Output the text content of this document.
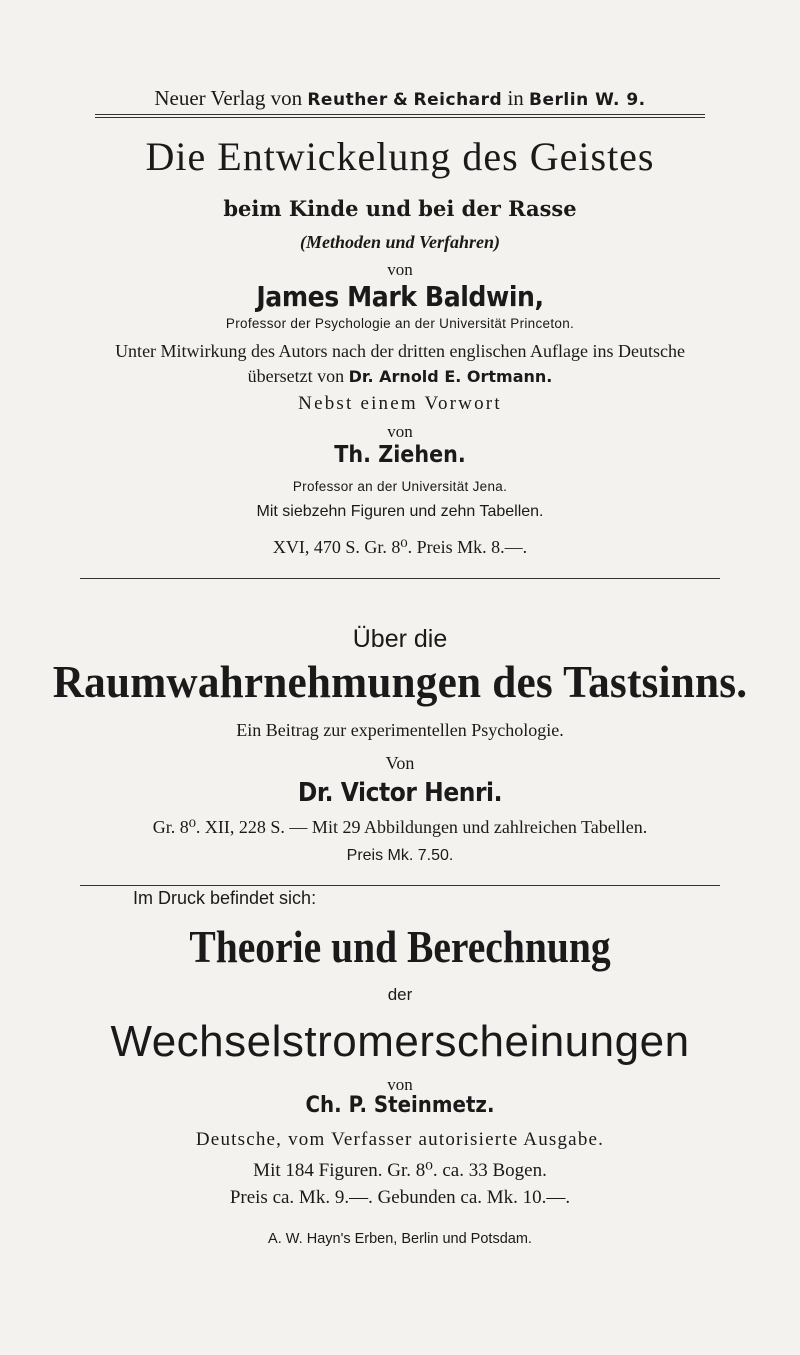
Neuer Verlag von Reuther & Reichard in Berlin W. 9.
Die Entwickelung des Geistes
beim Kinde und bei der Rasse
(Methoden und Verfahren)
von
James Mark Baldwin,
Professor der Psychologie an der Universität Princeton.
Unter Mitwirkung des Autors nach der dritten englischen Auflage ins Deutsche
übersetzt von Dr. Arnold E. Ortmann.
Nebst einem Vorwort
von
Th. Ziehen.
Professor an der Universität Jena.
Mit siebzehn Figuren und zehn Tabellen.
XVI, 470 S. Gr. 8⁰. Preis Mk. 8.—.
Über die
Raumwahrnehmungen des Tastsinns.
Ein Beitrag zur experimentellen Psychologie.
Von
Dr. Victor Henri.
Gr. 8⁰. XII, 228 S. — Mit 29 Abbildungen und zahlreichen Tabellen.
Preis Mk. 7.50.
Im Druck befindet sich:
Theorie und Berechnung
der
Wechselstromerscheinungen
von
Ch. P. Steinmetz.
Deutsche, vom Verfasser autorisierte Ausgabe.
Mit 184 Figuren. Gr. 8⁰. ca. 33 Bogen.
Preis ca. Mk. 9.—. Gebunden ca. Mk. 10.—.
A. W. Hayn's Erben, Berlin und Potsdam.
